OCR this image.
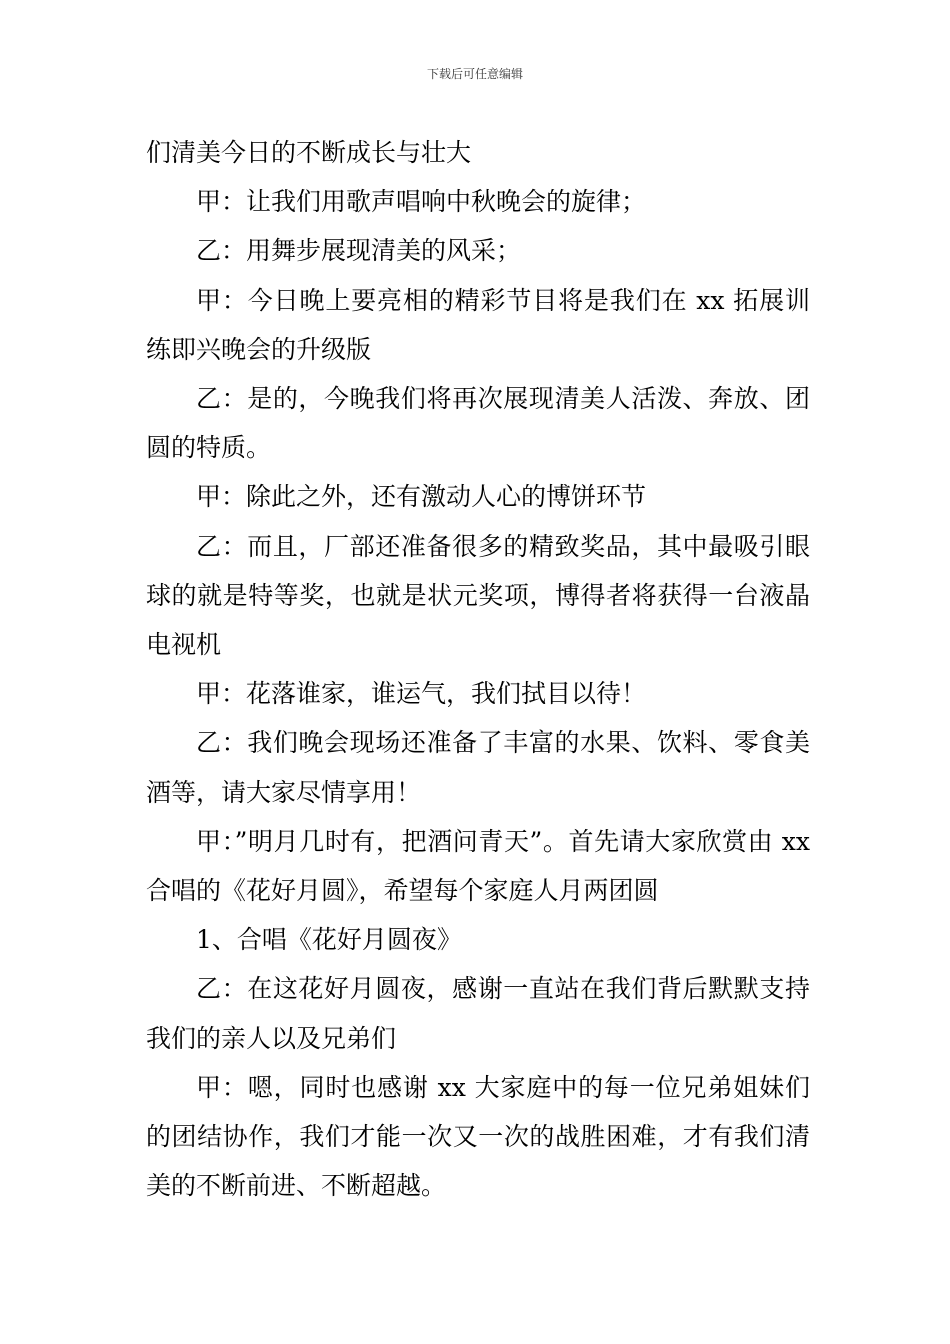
下载后可任意编辑

们清美今日的不断成长与壮大

甲：让我们用歌声唱响中秋晚会的旋律；

乙：用舞步展现清美的风采；

甲：今日晚上要亮相的精彩节目将是我们在 xx 拓展训练即兴晚会的升级版

乙：是的，今晚我们将再次展现清美人活泼、奔放、团圆的特质。

甲：除此之外，还有激动人心的博饼环节

乙：而且，厂部还准备很多的精致奖品，其中最吸引眼球的就是特等奖，也就是状元奖项，博得者将获得一台液晶电视机

甲：花落谁家，谁运气，我们拭目以待！

乙：我们晚会现场还准备了丰富的水果、饮料、零食美酒等，请大家尽情享用！

甲：”明月几时有，把酒问青天”。首先请大家欣赏由 xx 合唱的《花好月圆》，希望每个家庭人月两团圆

1、合唱《花好月圆夜》

乙：在这花好月圆夜，感谢一直站在我们背后默默支持我们的亲人以及兄弟们

甲：嗯，同时也感谢 xx 大家庭中的每一位兄弟姐妹们的团结协作，我们才能一次又一次的战胜困难，才有我们清美的不断前进、不断超越。
